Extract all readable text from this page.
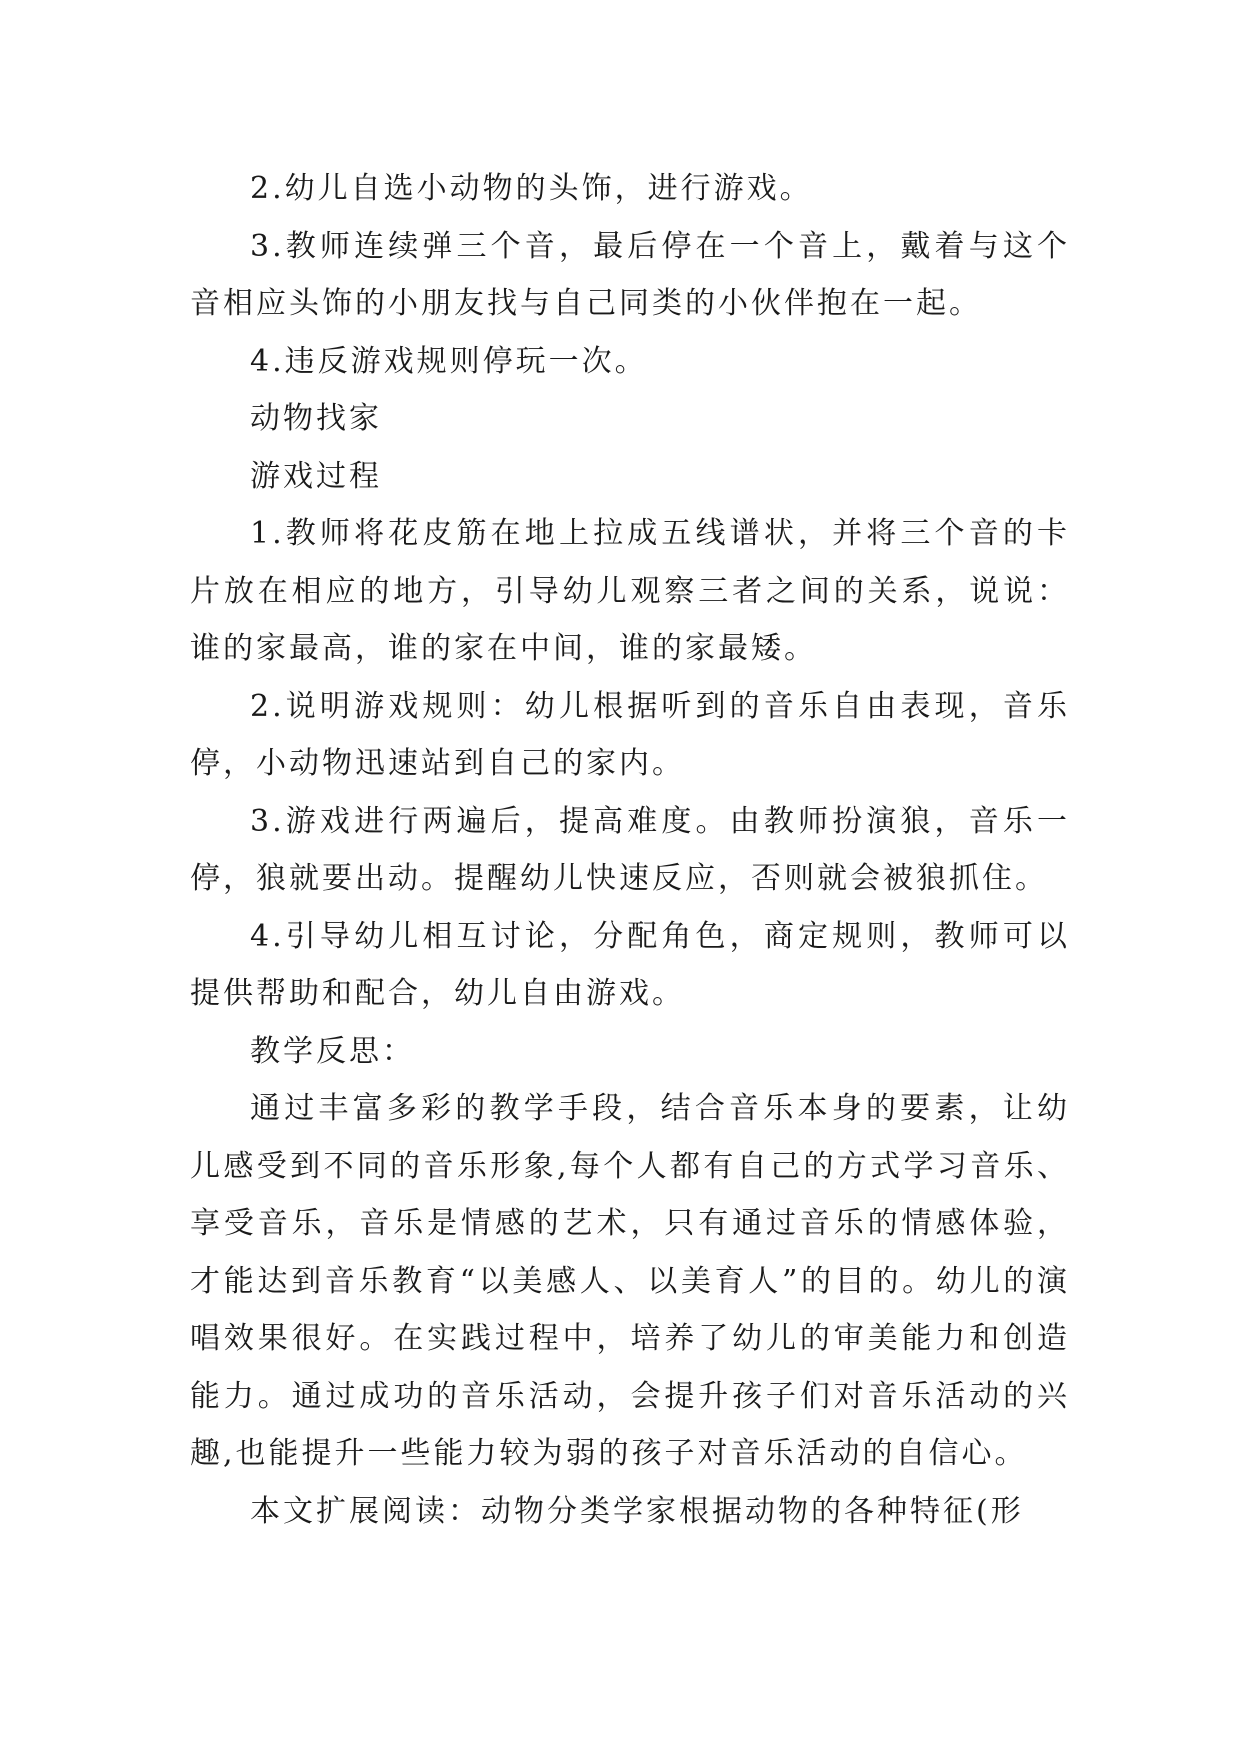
2.幼儿自选小动物的头饰，进行游戏。

3.教师连续弹三个音，最后停在一个音上，戴着与这个音相应头饰的小朋友找与自己同类的小伙伴抱在一起。

4.违反游戏规则停玩一次。

动物找家

游戏过程

1.教师将花皮筋在地上拉成五线谱状，并将三个音的卡片放在相应的地方，引导幼儿观察三者之间的关系，说说：谁的家最高，谁的家在中间，谁的家最矮。

2.说明游戏规则：幼儿根据听到的音乐自由表现，音乐停，小动物迅速站到自己的家内。

3.游戏进行两遍后，提高难度。由教师扮演狼，音乐一停，狼就要出动。提醒幼儿快速反应，否则就会被狼抓住。

4.引导幼儿相互讨论，分配角色，商定规则，教师可以提供帮助和配合，幼儿自由游戏。

教学反思：

通过丰富多彩的教学手段，结合音乐本身的要素，让幼儿感受到不同的音乐形象,每个人都有自己的方式学习音乐、享受音乐，音乐是情感的艺术，只有通过音乐的情感体验，才能达到音乐教育“以美感人、以美育人”的目的。幼儿的演唱效果很好。在实践过程中，培养了幼儿的审美能力和创造能力。通过成功的音乐活动，会提升孩子们对音乐活动的兴趣,也能提升一些能力较为弱的孩子对音乐活动的自信心。

本文扩展阅读：动物分类学家根据动物的各种特征(形
